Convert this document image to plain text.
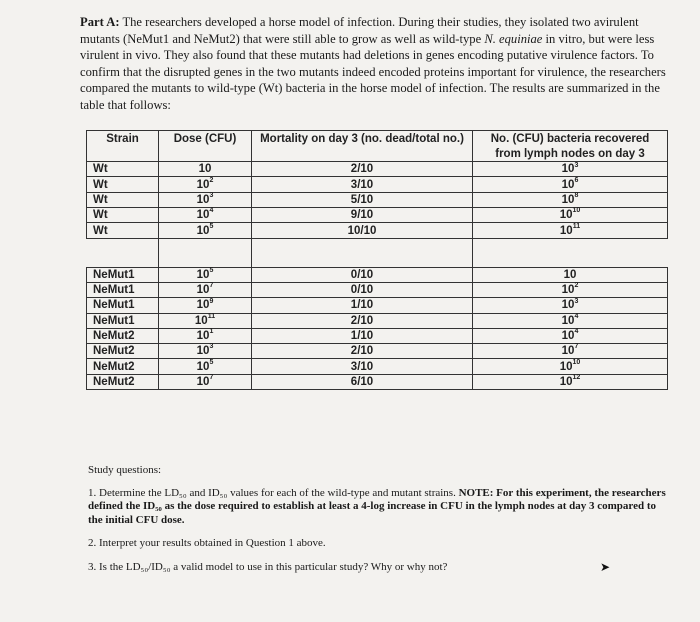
Part A: The researchers developed a horse model of infection. During their studies, they isolated two avirulent mutants (NeMut1 and NeMut2) that were still able to grow as well as wild-type N. equiniae in vitro, but were less virulent in vivo. They also found that these mutants had deletions in genes encoding putative virulence factors. To confirm that the disrupted genes in the two mutants indeed encoded proteins important for virulence, the researchers compared the mutants to wild-type (Wt) bacteria in the horse model of infection. The results are summarized in the table that follows:
Strain	Dose (CFU)	Mortality on day 3 (no. dead/total no.)	No. (CFU) bacteria recovered from lymph nodes on day 3
Wt	10	2/10	$10^3$
Wt	$10^2$	3/10	$10^6$
Wt	$10^3$	5/10	$10^8$
Wt	$10^4$	9/10	$10^{10}$
Wt	$10^5$	10/10	$10^{11}$

NeMut1	$10^5$	0/10	10
NeMut1	$10^7$	0/10	$10^2$
NeMut1	$10^9$	1/10	$10^3$
NeMut1	$10^{11}$	2/10	$10^4$
NeMut2	$10^1$	1/10	$10^4$
NeMut2	$10^3$	2/10	$10^7$
NeMut2	$10^5$	3/10	$10^{10}$
NeMut2	$10^7$	6/10	$10^{12}$

Study questions:

1. Determine the LD₅₀ and ID₅₀ values for each of the wild-type and mutant strains. NOTE: For this experiment, the researchers defined the ID₅₀ as the dose required to establish at least a 4-log increase in CFU in the lymph nodes at day 3 compared to the initial CFU dose.

2. Interpret your results obtained in Question 1 above.

3. Is the LD₅₀/ID₅₀ a valid model to use in this particular study? Why or why not?	➤
